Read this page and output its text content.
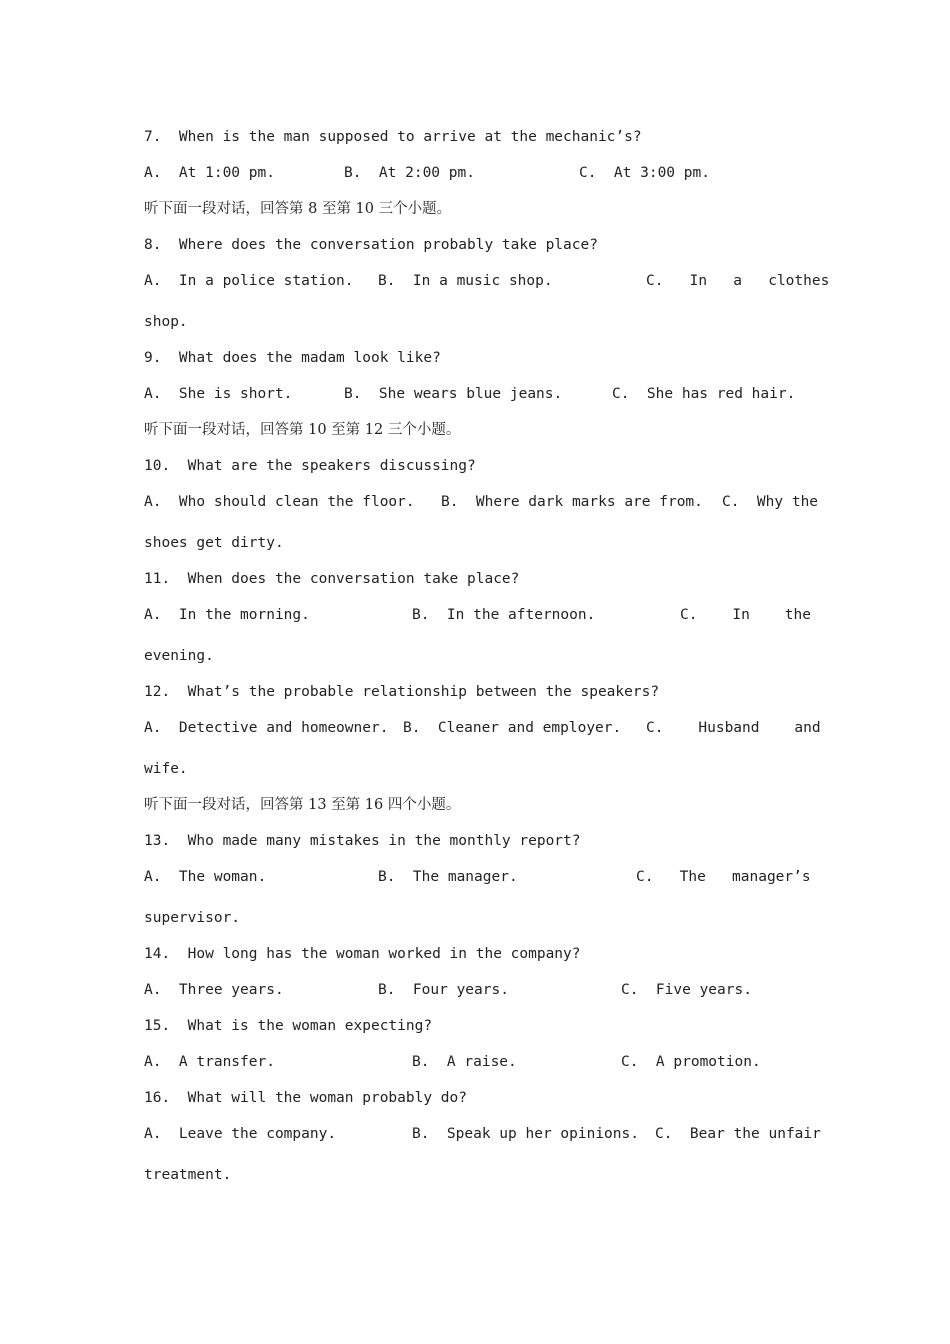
7.  When is the man supposed to arrive at the mechanic’s?
A.  At 1:00 pm.	B.  At 2:00 pm.	C.  At 3:00 pm.
听下面一段对话，回答第 8 至第 10 三个小题。
8.  Where does the conversation probably take place?
A.  In a police station. B.  In a music shop.	C.   In   a   clothes
shop.
9.  What does the madam look like?
A.  She is short.	B.  She wears blue jeans.	C.  She has red hair.
听下面一段对话，回答第 10 至第 12 三个小题。
10.  What are the speakers discussing?
A.  Who should clean the floor. B.  Where dark marks are from. C.  Why the
shoes get dirty.
11.  When does the conversation take place?
A.  In the morning.	B.  In the afternoon.	C.    In    the
evening.
12.  What’s the probable relationship between the speakers?
A.  Detective and homeowner. B.  Cleaner and employer. C.    Husband    and
wife.
听下面一段对话，回答第 13 至第 16 四个小题。
13.  Who made many mistakes in the monthly report?
A.  The woman.	B.  The manager.	C.   The   manager’s
supervisor.
14.  How long has the woman worked in the company?
A.  Three years.	B.  Four years.	C.  Five years.
15.  What is the woman expecting?
A.  A transfer.	B.  A raise.	C.  A promotion.
16.  What will the woman probably do?
A.  Leave the company.	B.  Speak up her opinions. C.  Bear the unfair
treatment.
